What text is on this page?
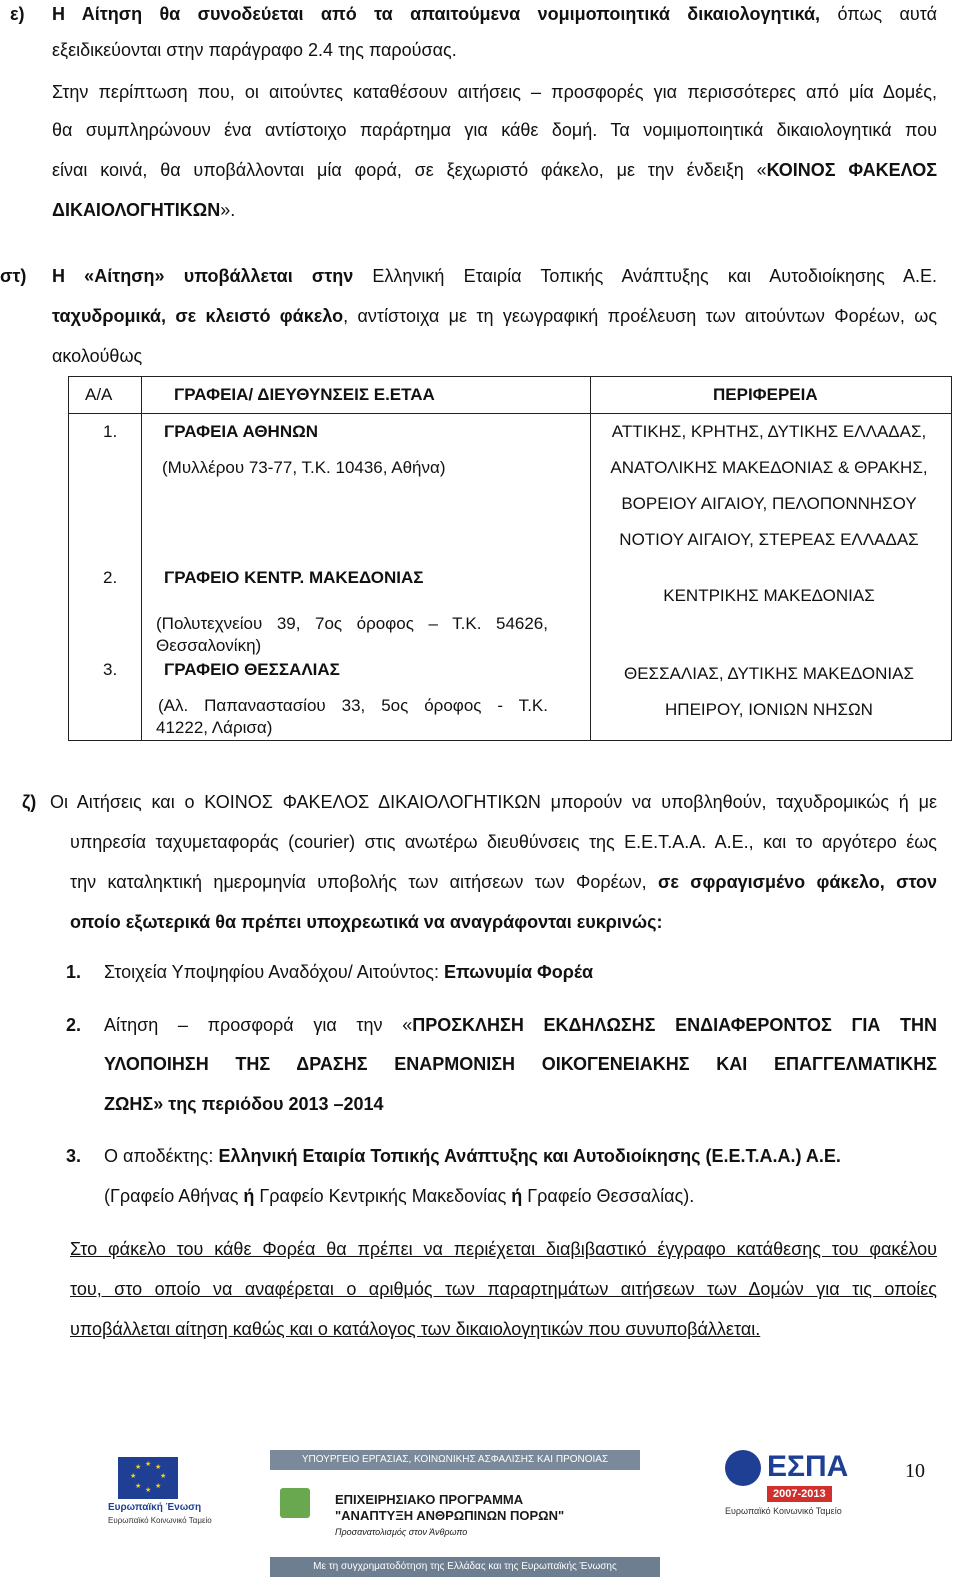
ε) Η Αίτηση θα συνοδεύεται από τα απαιτούμενα νομιμοποιητικά δικαιολογητικά, όπως αυτά
εξειδικεύονται στην παράγραφο 2.4 της παρούσας.
Στην περίπτωση που, οι αιτούντες καταθέσουν αιτήσεις – προσφορές για περισσότερες από μία Δομές,
θα συμπληρώνουν ένα αντίστοιχο παράρτημα για κάθε δομή. Τα νομιμοποιητικά δικαιολογητικά που
είναι κοινά, θα υποβάλλονται μία φορά, σε ξεχωριστό φάκελο, με την ένδειξη «ΚΟΙΝΟΣ ΦΑΚΕΛΟΣ
ΔΙΚΑΙΟΛΟΓΗΤΙΚΩΝ».
στ) Η «Αίτηση» υποβάλλεται στην Ελληνική Εταιρία Τοπικής Ανάπτυξης και Αυτοδιοίκησης Α.Ε.
ταχυδρομικά, σε κλειστό φάκελο, αντίστοιχα με τη γεωγραφική προέλευση των αιτούντων Φορέων, ως
ακολούθως
Α/Α	ΓΡΑΦΕΙΑ/ ΔΙΕΥΘΥΝΣΕΙΣ Ε.ΕΤΑΑ	ΠΕΡΙΦΕΡΕΙΑ

1.	ΓΡΑΦΕΙΑ ΑΘΗΝΩΝ
(Μυλλέρου 73-77, Τ.Κ. 10436, Αθήνα)	ΑΤΤΙΚΗΣ, ΚΡΗΤΗΣ, ΔΥΤΙΚΗΣ ΕΛΛΑΔΑΣ,
ΑΝΑΤΟΛΙΚΗΣ ΜΑΚΕΔΟΝΙΑΣ & ΘΡΑΚΗΣ,
ΒΟΡΕΙΟΥ ΑΙΓΑΙΟΥ, ΠΕΛΟΠΟΝΝΗΣΟΥ
ΝΟΤΙΟΥ ΑΙΓΑΙΟΥ, ΣΤΕΡΕΑΣ ΕΛΛΑΔΑΣ

2.	ΓΡΑΦΕΙΟ ΚΕΝΤΡ. ΜΑΚΕΔΟΝΙΑΣ
(Πολυτεχνείου 39, 7ος όροφος – Τ.Κ. 54626,
Θεσσαλονίκη)	ΚΕΝΤΡΙΚΗΣ ΜΑΚΕΔΟΝΙΑΣ

3.	ΓΡΑΦΕΙΟ ΘΕΣΣΑΛΙΑΣ
(Αλ. Παπαναστασίου 33, 5ος όροφος - Τ.Κ.
41222, Λάρισα)	ΘΕΣΣΑΛΙΑΣ, ΔΥΤΙΚΗΣ ΜΑΚΕΔΟΝΙΑΣ
ΗΠΕΙΡΟΥ, ΙΟΝΙΩΝ ΝΗΣΩΝ
ζ) Οι Αιτήσεις και ο ΚΟΙΝΟΣ ΦΑΚΕΛΟΣ ΔΙΚΑΙΟΛΟΓΗΤΙΚΩΝ μπορούν να υποβληθούν, ταχυδρομικώς ή με
υπηρεσία ταχυμεταφοράς (courier) στις ανωτέρω διευθύνσεις της Ε.Ε.Τ.Α.Α. Α.Ε., και το αργότερο έως
την καταληκτική ημερομηνία υποβολής των αιτήσεων των Φορέων, σε σφραγισμένο φάκελο, στον
οποίο εξωτερικά θα πρέπει υποχρεωτικά να αναγράφονται ευκρινώς:
1. Στοιχεία Υποψηφίου Αναδόχου/ Αιτούντος: Επωνυμία Φορέα
2. Αίτηση – προσφορά για την «ΠΡΟΣΚΛΗΣΗ ΕΚΔΗΛΩΣΗΣ ΕΝΔΙΑΦΕΡΟΝΤΟΣ ΓΙΑ ΤΗΝ
ΥΛΟΠΟΙΗΣΗ ΤΗΣ ΔΡΑΣΗΣ ΕΝΑΡΜΟΝΙΣΗ ΟΙΚΟΓΕΝΕΙΑΚΗΣ ΚΑΙ ΕΠΑΓΓΕΛΜΑΤΙΚΗΣ
ΖΩΗΣ» της περιόδου 2013 –2014
3. Ο αποδέκτης: Ελληνική Εταιρία Τοπικής Ανάπτυξης και Αυτοδιοίκησης (Ε.Ε.Τ.Α.Α.) Α.Ε.
(Γραφείο Αθήνας ή Γραφείο Κεντρικής Μακεδονίας ή Γραφείο Θεσσαλίας).
Στο φάκελο του κάθε Φορέα θα πρέπει να περιέχεται διαβιβαστικό έγγραφο κατάθεσης του φακέλου
του, στο οποίο να αναφέρεται ο αριθμός των παραρτημάτων αιτήσεων των Δομών για τις οποίες
υποβάλλεται αίτηση καθώς και ο κατάλογος των δικαιολογητικών που συνυποβάλλεται.
10
★ ★
★
★
★
★
★
★
Ευρωπαϊκή Ένωση
Ευρωπαϊκό Κοινωνικό Ταμείο
ΥΠΟΥΡΓΕΙΟ ΕΡΓΑΣΙΑΣ, ΚΟΙΝΩΝΙΚΗΣ ΑΣΦΑΛΙΣΗΣ ΚΑΙ ΠΡΟΝΟΙΑΣ
ΕΠΙΧΕΙΡΗΣΙΑΚΟ ΠΡΟΓΡΑΜΜΑ
"ΑΝΑΠΤΥΞΗ ΑΝΘΡΩΠΙΝΩΝ ΠΟΡΩΝ"
Προσανατολισμός στον Άνθρωπο
ΕΣΠΑ
2007-2013
Ευρωπαϊκό Κοινωνικό Ταμείο
Με τη συγχρηματοδότηση της Ελλάδας και της Ευρωπαϊκής Ένωσης
